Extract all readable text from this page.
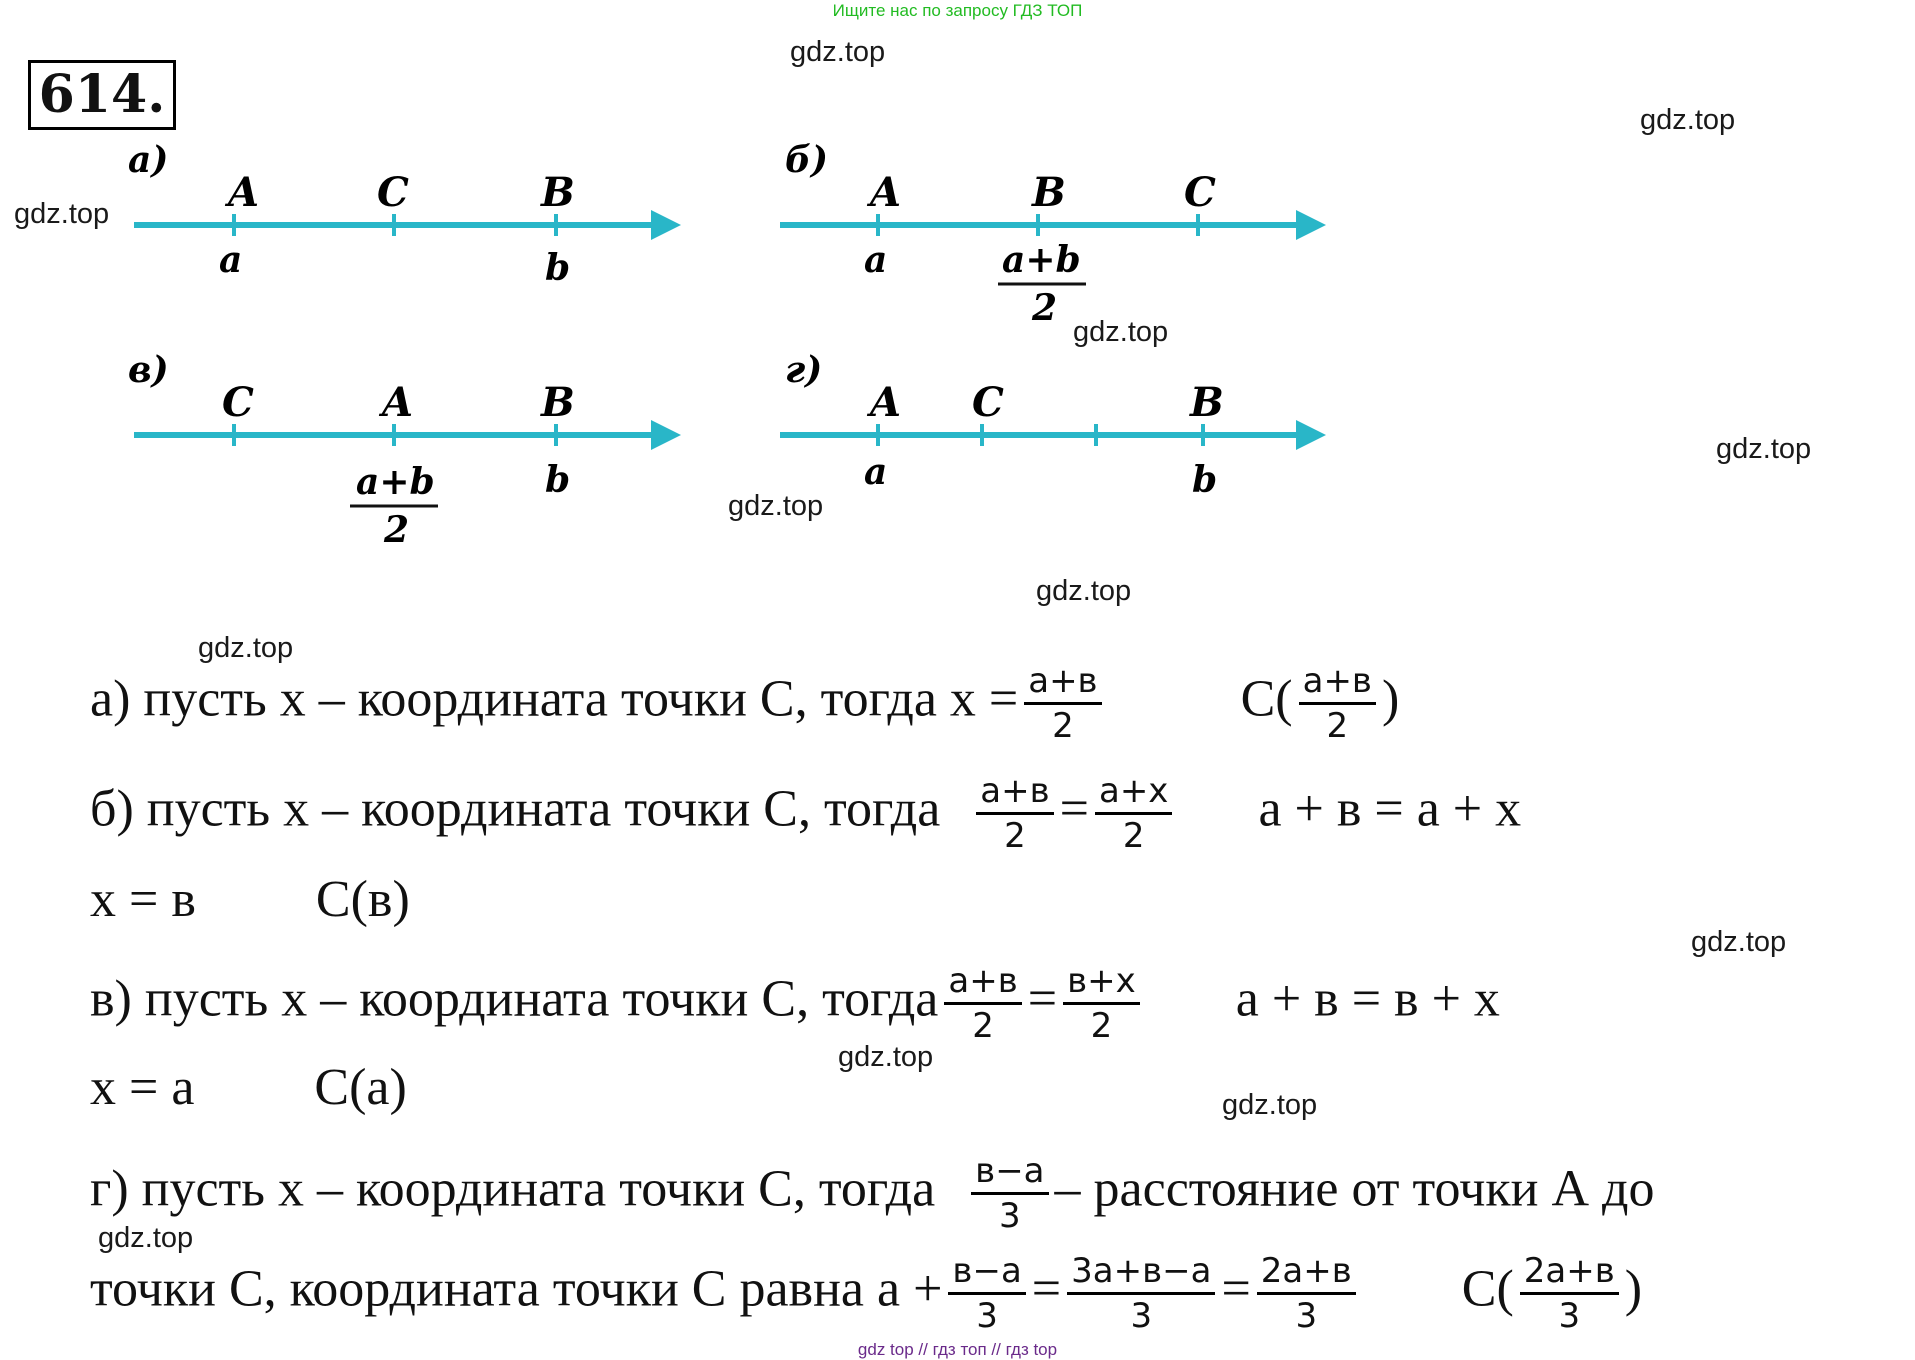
Ищите нас по запросу ГДЗ ТОП
614.
gdz.top
gdz.top
gdz.top
gdz.top
gdz.top
gdz.top
gdz.top
gdz.top
gdz.top
gdz.top
gdz.top
gdz.top
а)
A	C	B
a	b
б)
A	B	C
a	a+b
2
в)
C	A	B
a+b
2
b
г)
A C	B
a	b
а) пусть х – координата точки С, тогда $х = \frac{а+в}{2}$	$С( \frac{а+в}{2}$ )
б) пусть х – координата точки С, тогда $\frac{а+в}{2} = \frac{а+х}{2}$ а + в = а + х
х = в С(в)
в) пусть х – координата точки С, тогда $\frac{а+в}{2} = \frac{в+х}{2}$ а + в = в + х
х = а С(а)
г) пусть х – координата точки С, тогда $\frac{в-а}{3}$ – расстояние от точки А до
точки С, координата точки С равна $а + \frac{в-а}{3} = \frac{3а+в-а}{3} = \frac{2а+в}{3} С( \frac{2а+в}{3}$ )
gdz top // гдз топ // гдз top
